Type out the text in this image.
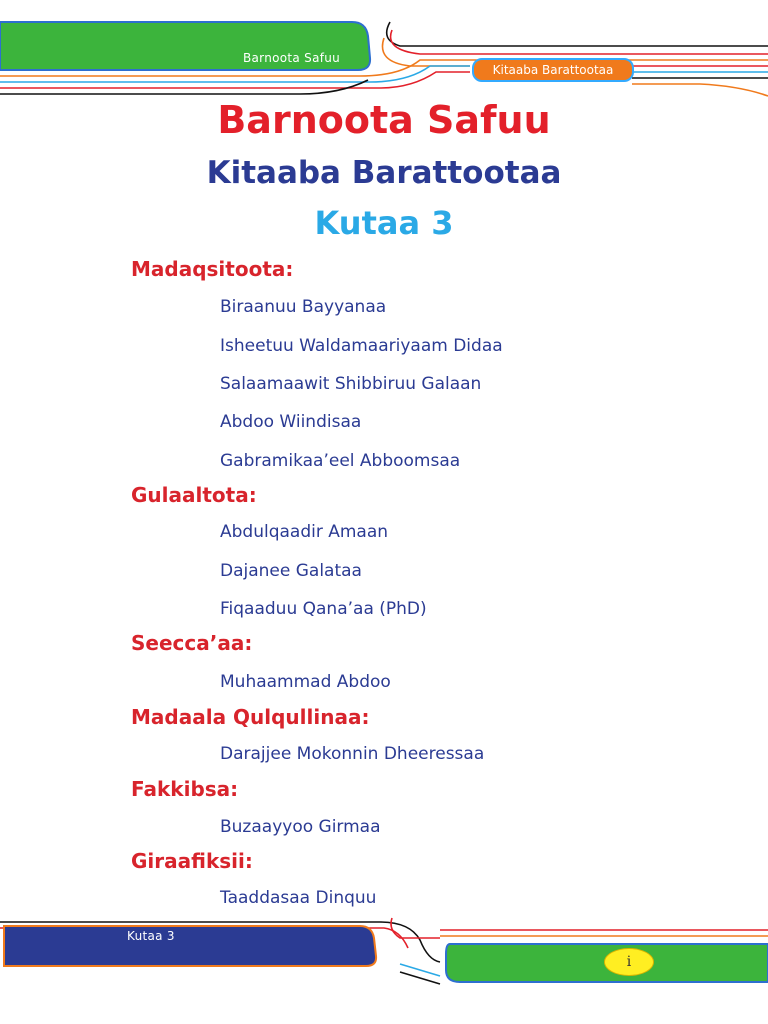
Barnoota Safuu
Kitaaba Barattootaa
Barnoota Safuu
Kitaaba Barattootaa
Kutaa 3
Madaqsitoota:
Biraanuu Bayyanaa
Isheetuu Waldamaariyaam Didaa
Salaamaawit Shibbiruu Galaan
Abdoo Wiindisaa
Gabramikaa’eel Abboomsaa
Gulaaltota:
Abdulqaadir Amaan
Dajanee Galataa
Fiqaaduu Qana’aa (PhD)
Seecca’aa:
Muhaammad Abdoo
Madaala Qulqullinaa:
Darajjee Mokonnin Dheeressaa
Fakkibsa:
Buzaayyoo Girmaa
Giraafiksii:
Taaddasaa Dinquu
Kutaa 3
i
